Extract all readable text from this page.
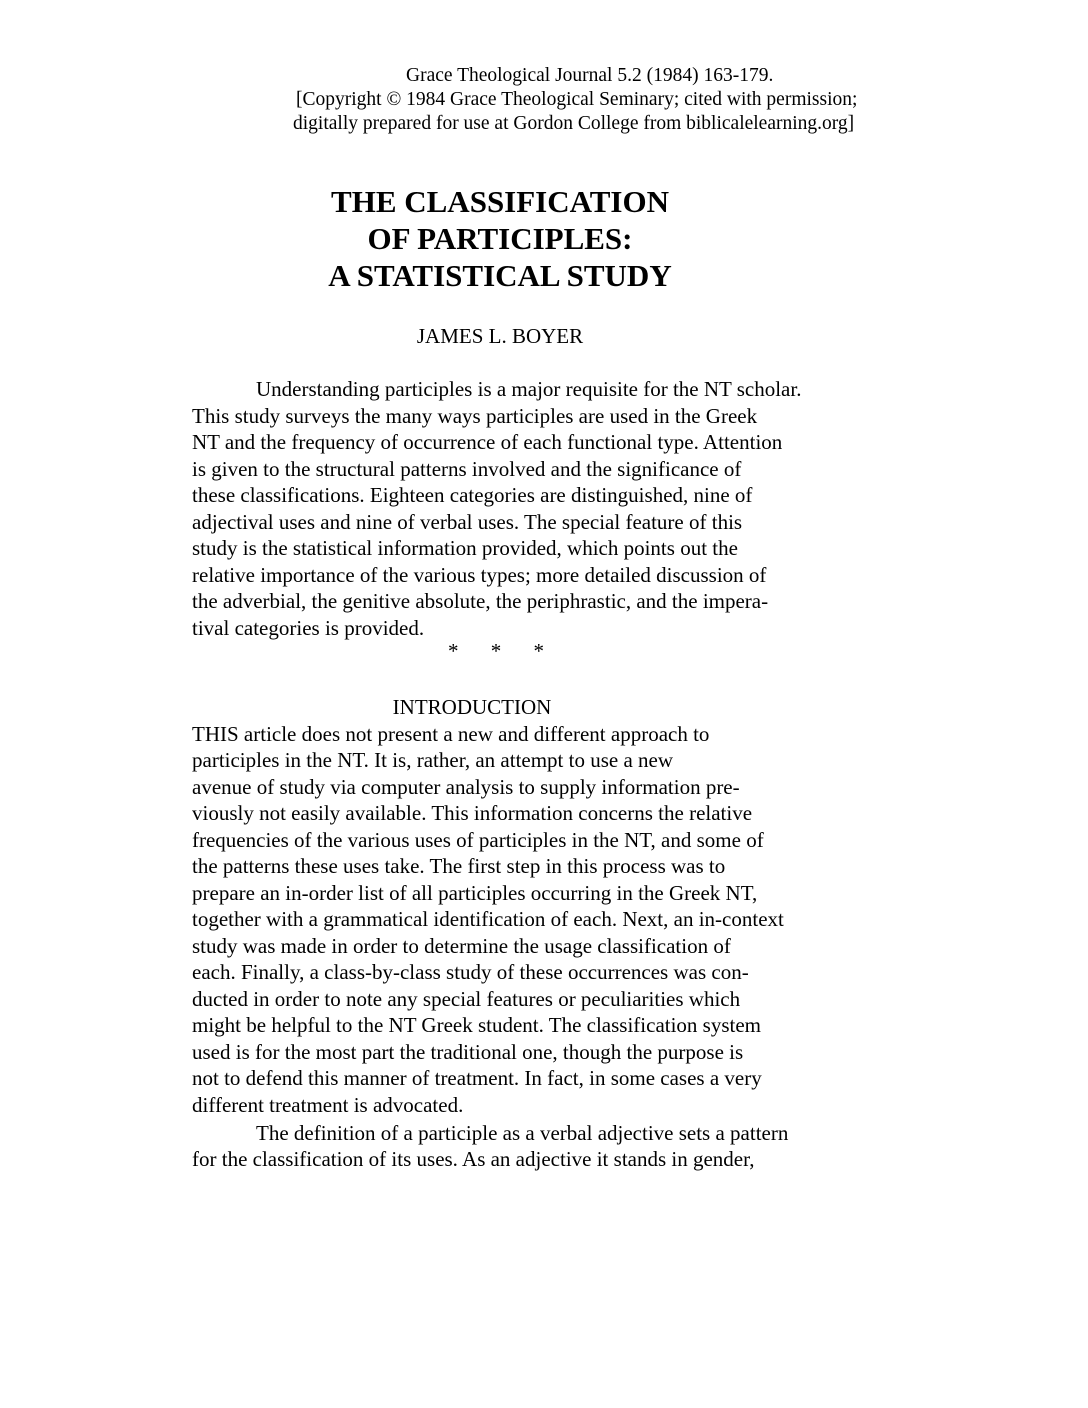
Grace Theological Journal 5.2 (1984) 163-179.
[Copyright © 1984 Grace Theological Seminary; cited with permission;
digitally prepared for use at Gordon College from biblicalelearning.org]
THE CLASSIFICATION
OF PARTICIPLES:
A STATISTICAL STUDY
JAMES L. BOYER
Understanding participles is a major requisite for the NT scholar.
This study surveys the many ways participles are used in the Greek
NT and the frequency of occurrence of each functional type. Attention
is given to the structural patterns involved and the significance of
these classifications. Eighteen categories are distinguished, nine of
adjectival uses and nine of verbal uses. The special feature of this
study is the statistical information provided, which points out the
relative importance of the various types; more detailed discussion of
the adverbial, the genitive absolute, the periphrastic, and the impera-
tival categories is provided.
*     *     *
INTRODUCTION
THIS article does not present a new and different approach to
participles in the NT. It is, rather, an attempt to use a new
avenue of study via computer analysis to supply information pre-
viously not easily available. This information concerns the relative
frequencies of the various uses of participles in the NT, and some of
the patterns these uses take. The first step in this process was to
prepare an in-order list of all participles occurring in the Greek NT,
together with a grammatical identification of each. Next, an in-context
study was made in order to determine the usage classification of
each. Finally, a class-by-class study of these occurrences was con-
ducted in order to note any special features or peculiarities which
might be helpful to the NT Greek student. The classification system
used is for the most part the traditional one, though the purpose is
not to defend this manner of treatment. In fact, in some cases a very
different treatment is advocated.
The definition of a participle as a verbal adjective sets a pattern
for the classification of its uses. As an adjective it stands in gender,
